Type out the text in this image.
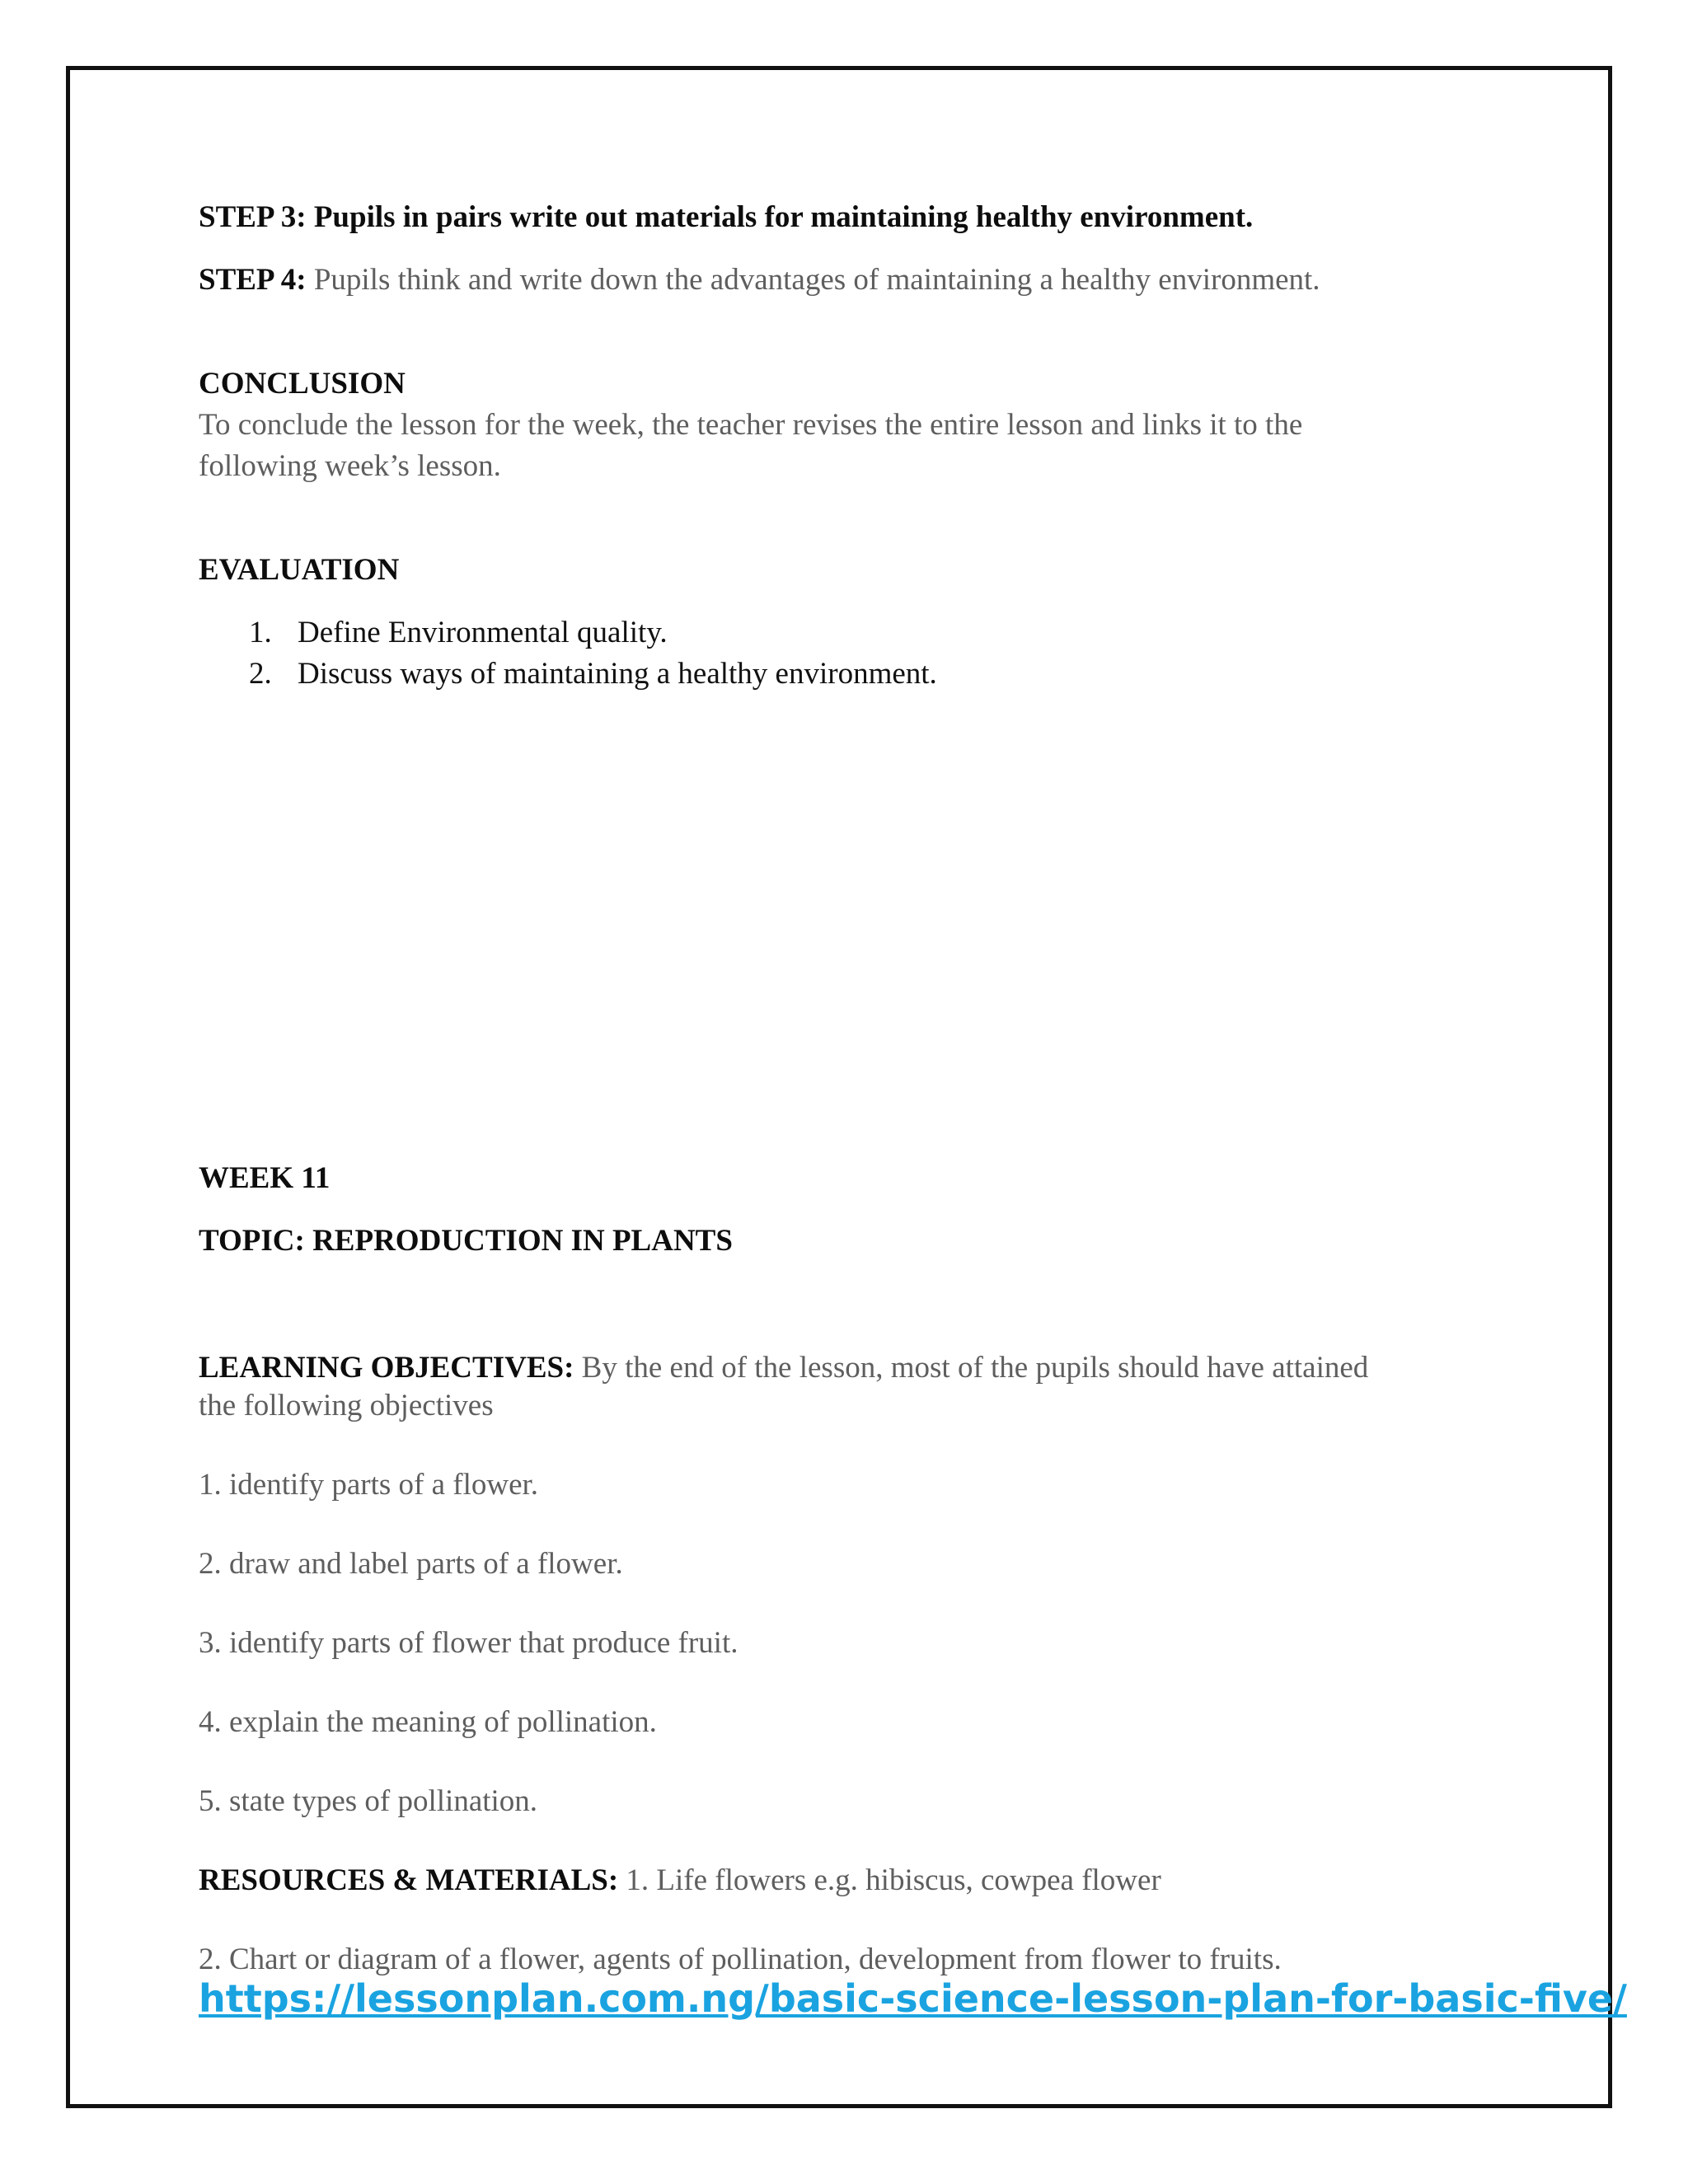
STEP 3: Pupils in pairs write out materials for maintaining healthy environment.
STEP 4: Pupils think and write down the advantages of maintaining a healthy environment.
CONCLUSION
To conclude the lesson for the week, the teacher revises the entire lesson and links it to the
following week’s lesson.
EVALUATION
1. Define Environmental quality.
2. Discuss ways of maintaining a healthy environment.
WEEK 11
TOPIC: REPRODUCTION IN PLANTS
LEARNING OBJECTIVES: By the end of the lesson, most of the pupils should have attained
the following objectives
1. identify parts of a flower.
2. draw and label parts of a flower.
3. identify parts of flower that produce fruit.
4. explain the meaning of pollination.
5. state types of pollination.
RESOURCES & MATERIALS: 1. Life flowers e.g. hibiscus, cowpea flower
2. Chart or diagram of a flower, agents of pollination, development from flower to fruits.
https://lessonplan.com.ng/basic-science-lesson-plan-for-basic-five/
